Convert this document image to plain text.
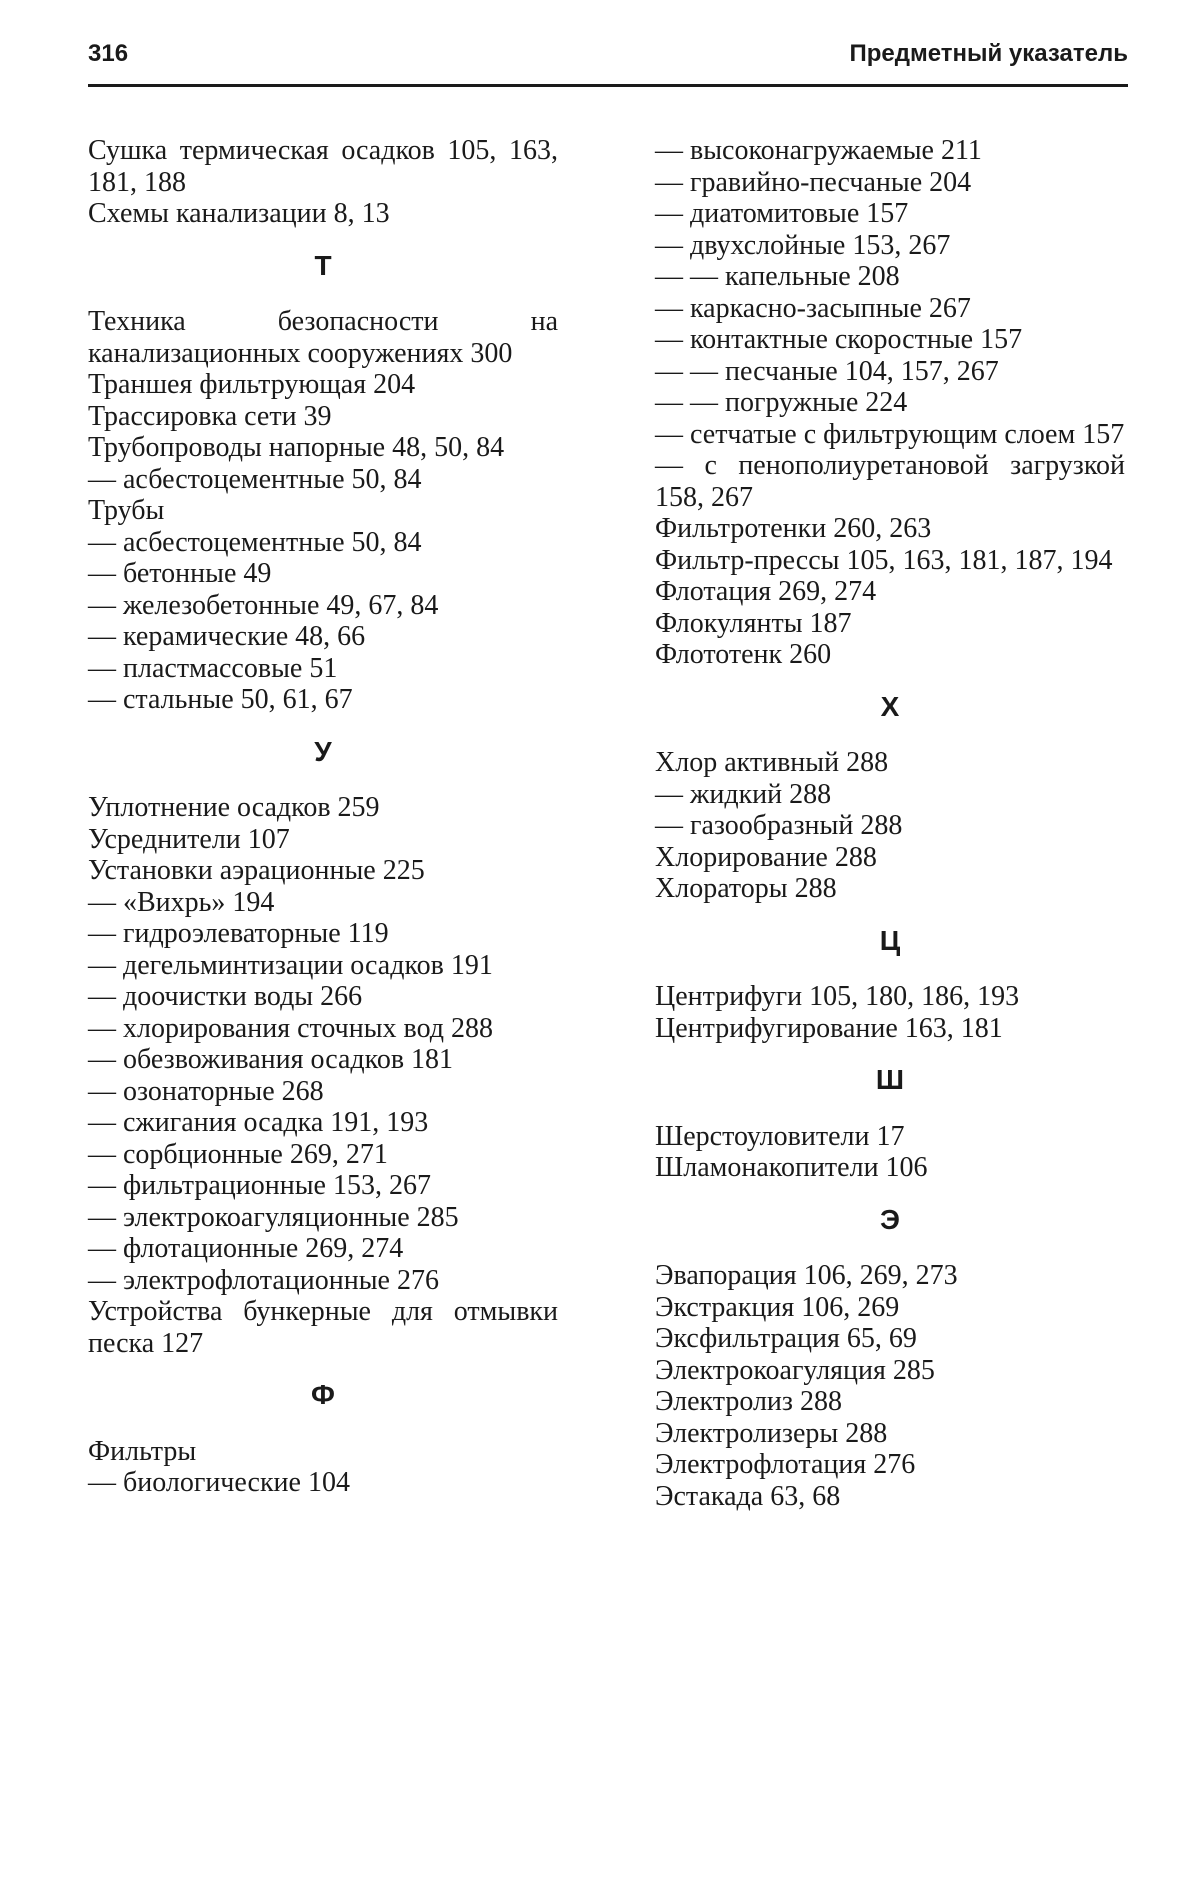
316	Предметный указатель
Сушка термическая осадков 105, 163, 181, 188
Схемы канализации 8, 13
Т
Техника безопасности на канализационных сооружениях 300
Траншея фильтрующая 204
Трассировка сети 39
Трубопроводы напорные 48, 50, 84
— асбестоцементные 50, 84
Трубы
— асбестоцементные 50, 84
— бетонные 49
— железобетонные 49, 67, 84
— керамические 48, 66
— пластмассовые 51
— стальные 50, 61, 67
У
Уплотнение осадков 259
Усреднители 107
Установки аэрационные 225
— «Вихрь» 194
— гидроэлеваторные 119
— дегельминтизации осадков 191
— доочистки воды 266
— хлорирования сточных вод 288
— обезвоживания осадков 181
— озонаторные 268
— сжигания осадка 191, 193
— сорбционные 269, 271
— фильтрационные 153, 267
— электрокоагуляционные 285
— флотационные 269, 274
— электрофлотационные 276
Устройства бункерные для отмывки песка 127
Ф
Фильтры
— биологические 104
— высоконагружаемые 211
— гравийно-песчаные 204
— диатомитовые 157
— двухслойные 153, 267
— — капельные 208
— каркасно-засыпные 267
— контактные скоростные 157
— — песчаные 104, 157, 267
— — погружные 224
— сетчатые с фильтрующим слоем 157
— с пенополиуретановой загрузкой 158, 267
Фильтротенки 260, 263
Фильтр-прессы 105, 163, 181, 187, 194
Флотация 269, 274
Флокулянты 187
Флототенк 260
Х
Хлор активный 288
— жидкий 288
— газообразный 288
Хлорирование 288
Хлораторы 288
Ц
Центрифуги 105, 180, 186, 193
Центрифугирование 163, 181
Ш
Шерстоуловители 17
Шламонакопители 106
Э
Эвапорация 106, 269, 273
Экстракция 106, 269
Эксфильтрация 65, 69
Электрокоагуляция 285
Электролиз 288
Электролизеры 288
Электрофлотация 276
Эстакада 63, 68
